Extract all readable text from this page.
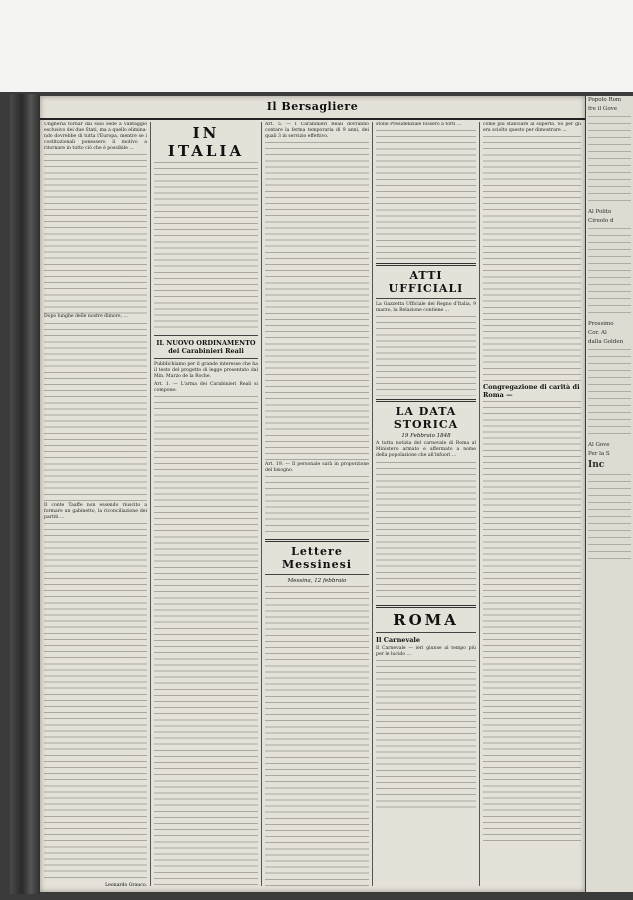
Il Bersagliere

Ungheria tornar dai suoi sede a vantaggio esclusivo dei due Stati, ma a quello elimina-ndo dovrebbe di tutta l'Europa, mentre se i costituzionali ponessero il motivo a ritornare in tutto ciò che è possibile ...

Dopo lunghe delle nostre dimore, ...

Il conte Taaffe non essendo riuscito a formare un gabinetto, la riconciliazione dei partiti ...

Leonardo Grauco.
IN ITALIA
IL NUOVO ORDINAMENTO dei Carabinieri Reali

Pubblichiamo per il grande interesse che ha il testo del progetto di legge presentato dal Min. Marzo de la Roche.

Art. 1. — L'arma dei Carabinieri Reali si compone:

Art. 5. — I Carabinieri Reali dovranno contare la ferma temporaria di 9 anni, dei quali 3 in servizio effettivo.

Art. 19. — Il personale sarà in proporzione del bisogno.

Lettere Messinesi
Messina, 12 febbraio

stone Presidenziale fossero a torti ...

ATTI UFFICIALI

La Gazzetta Ufficiale del Regno d'Italia, 9 marzo, la Relazione contiene ...

LA DATA STORICA
19 Febbraio 1848

A tutta notizia del carnevale di Roma al Ministero armato e affermato a nome della popolazione che all'infuori ...

ROMA
Il Carnevale

Il Carnevale — ieri giunse al tempo più per le lucido ...

come più stanciare al superto. So per gli era sciolto questo per dimostrare ...

Congregazione di carità di Roma —
Popolo Rom
fre il Gove
Al Polito
Cireolo d
Prossimo
Cor. Al
dalla Golden
Al Gove
Per la S
Inc
